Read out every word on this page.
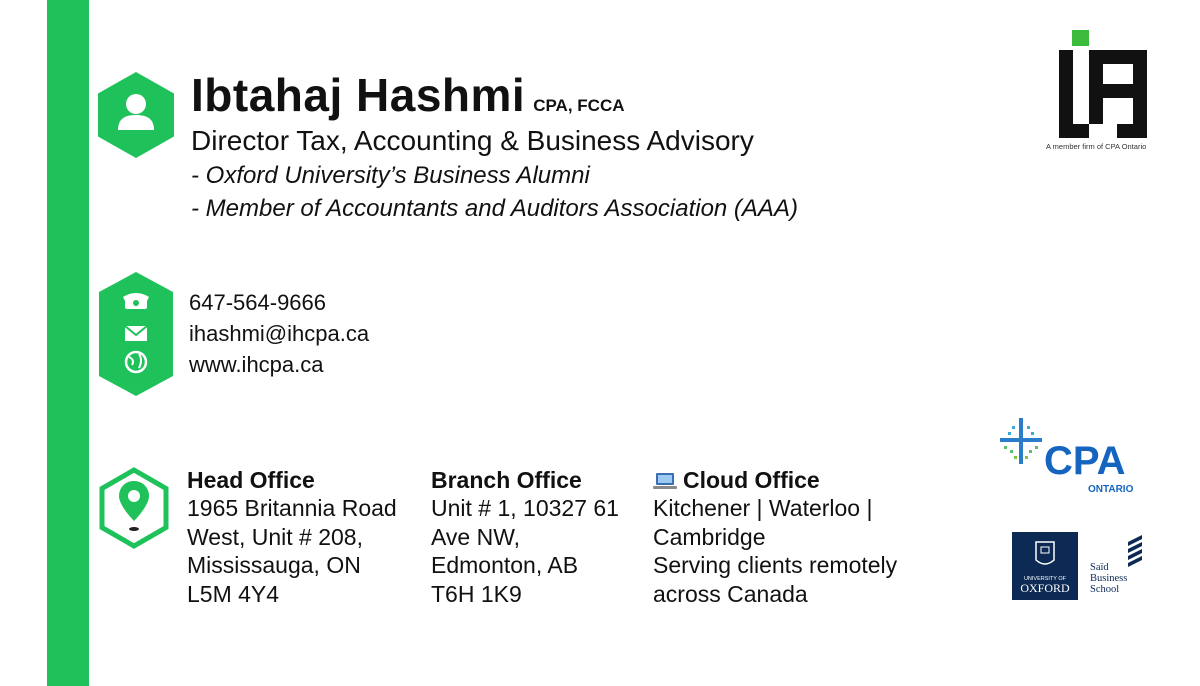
Ibtahaj Hashmi CPA, FCCA
Director Tax, Accounting & Business Advisory
- Oxford University’s Business Alumni
- Member of Accountants and Auditors Association (AAA)
647-564-9666
ihashmi@ihcpa.ca
www.ihcpa.ca
Head Office
1965 Britannia Road
West, Unit # 208,
Mississauga, ON
L5M 4Y4
Branch Office
Unit # 1, 10327 61
Ave NW,
Edmonton, AB
T6H 1K9
Cloud Office
Kitchener | Waterloo |
Cambridge
Serving clients remotely
across Canada
A member firm of CPA Ontario
CPA
ONTARIO
UNIVERSITY OF
OXFORD
Saïd
Business
School
